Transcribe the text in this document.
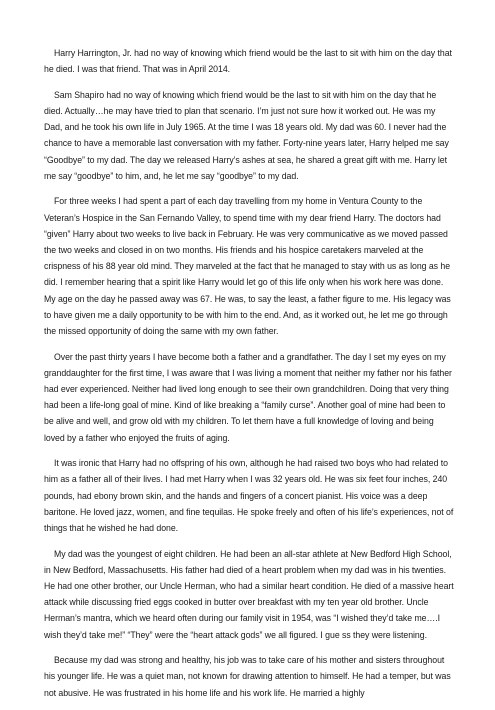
Harry Harrington, Jr. had no way of knowing which friend would be the last to sit with him on the day that he died. I was that friend. That was in April 2014.

Sam Shapiro had no way of knowing which friend would be the last to sit with him on the day that he died. Actually…he may have tried to plan that scenario. I’m just not sure how it worked out. He was my Dad, and he took his own life in July 1965. At the time I was 18 years old. My dad was 60. I never had the chance to have a memorable last conversation with my father. Forty-nine years later, Harry helped me say “Goodbye” to my dad. The day we released Harry’s ashes at sea, he shared a great gift with me. Harry let me say “goodbye” to him, and, he let me say “goodbye” to my dad.

For three weeks I had spent a part of each day travelling from my home in Ventura County to the Veteran’s Hospice in the San Fernando Valley, to spend time with my dear friend Harry. The doctors had “given” Harry about two weeks to live back in February. He was very communicative as we moved passed the two weeks and closed in on two months. His friends and his hospice caretakers marveled at the crispness of his 88 year old mind. They marveled at the fact that he managed to stay with us as long as he did. I remember hearing that a spirit like Harry would let go of this life only when his work here was done. My age on the day he passed away was 67. He was, to say the least, a father figure to me. His legacy was to have given me a daily opportunity to be with him to the end. And, as it worked out, he let me go through the missed opportunity of doing the same with my own father.

Over the past thirty years I have become both a father and a grandfather. The day I set my eyes on my granddaughter for the first time, I was aware that I was living a moment that neither my father nor his father had ever experienced. Neither had lived long enough to see their own grandchildren. Doing that very thing had been a life-long goal of mine. Kind of like breaking a “family curse”. Another goal of mine had been to be alive and well, and grow old with my children. To let them have a full knowledge of loving and being loved by a father who enjoyed the fruits of aging.

It was ironic that Harry had no offspring of his own, although he had raised two boys who had related to him as a father all of their lives. I had met Harry when I was 32 years old. He was six feet four inches, 240 pounds, had ebony brown skin, and the hands and fingers of a concert pianist. His voice was a deep baritone. He loved jazz, women, and fine tequilas. He spoke freely and often of his life’s experiences, not of things that he wished he had done.

My dad was the youngest of eight children. He had been an all-star athlete at New Bedford High School, in New Bedford, Massachusetts. His father had died of a heart problem when my dad was in his twenties. He had one other brother, our Uncle Herman, who had a similar heart condition. He died of a massive heart attack while discussing fried eggs cooked in butter over breakfast with my ten year old brother. Uncle Herman’s mantra, which we heard often during our family visit in 1954, was “I wished they’d take me….I wish they’d take me!” “They” were the “heart attack gods” we all figured. I gue ss they were listening.

Because my dad was strong and healthy, his job was to take care of his mother and sisters throughout his younger life. He was a quiet man, not known for drawing attention to himself. He had a temper, but was not abusive. He was frustrated in his home life and his work life. He married a highly
